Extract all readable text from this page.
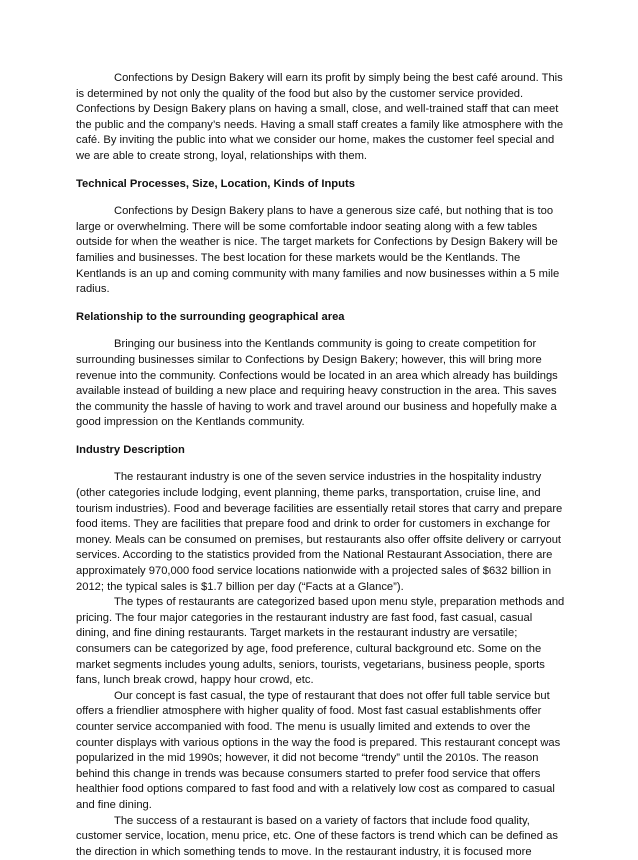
Confections by Design Bakery will earn its profit by simply being the best café around. This is determined by not only the quality of the food but also by the customer service provided. Confections by Design Bakery plans on having a small, close, and well-trained staff that can meet the public and the company’s needs. Having a small staff creates a family like atmosphere with the café. By inviting the public into what we consider our home, makes the customer feel special and we are able to create strong, loyal, relationships with them.

Technical Processes, Size, Location, Kinds of Inputs

Confections by Design Bakery plans to have a generous size café, but nothing that is too large or overwhelming. There will be some comfortable indoor seating along with a few tables outside for when the weather is nice. The target markets for Confections by Design Bakery will be families and businesses. The best location for these markets would be the Kentlands. The Kentlands is an up and coming community with many families and now businesses within a 5 mile radius.

Relationship to the surrounding geographical area

Bringing our business into the Kentlands community is going to create competition for surrounding businesses similar to Confections by Design Bakery; however, this will bring more revenue into the community. Confections would be located in an area which already has buildings available instead of building a new place and requiring heavy construction in the area. This saves the community the hassle of having to work and travel around our business and hopefully make a good impression on the Kentlands community.

Industry Description

The restaurant industry is one of the seven service industries in the hospitality industry (other categories include lodging, event planning, theme parks, transportation, cruise line, and tourism industries). Food and beverage facilities are essentially retail stores that carry and prepare food items. They are facilities that prepare food and drink to order for customers in exchange for money. Meals can be consumed on premises, but restaurants also offer offsite delivery or carryout services. According to the statistics provided from the National Restaurant Association, there are approximately 970,000 food service locations nationwide with a projected sales of $632 billion in 2012; the typical sales is $1.7 billion per day (“Facts at a Glance”).

The types of restaurants are categorized based upon menu style, preparation methods and pricing. The four major categories in the restaurant industry are fast food, fast casual, casual dining, and fine dining restaurants. Target markets in the restaurant industry are versatile; consumers can be categorized by age, food preference, cultural background etc. Some on the market segments includes young adults, seniors, tourists, vegetarians, business people, sports fans, lunch break crowd, happy hour crowd, etc.

Our concept is fast casual, the type of restaurant that does not offer full table service but offers a friendlier atmosphere with higher quality of food. Most fast casual establishments offer counter service accompanied with food. The menu is usually limited and extends to over the counter displays with various options in the way the food is prepared. This restaurant concept was popularized in the mid 1990s; however, it did not become “trendy” until the 2010s. The reason behind this change in trends was because consumers started to prefer food service that offers healthier food options compared to fast food and with a relatively low cost as compared to casual and fine dining.

The success of a restaurant is based on a variety of factors that include food quality, customer service, location, menu price, etc. One of these factors is trend which can be defined as the direction in which something tends to move. In the restaurant industry, it is focused more
